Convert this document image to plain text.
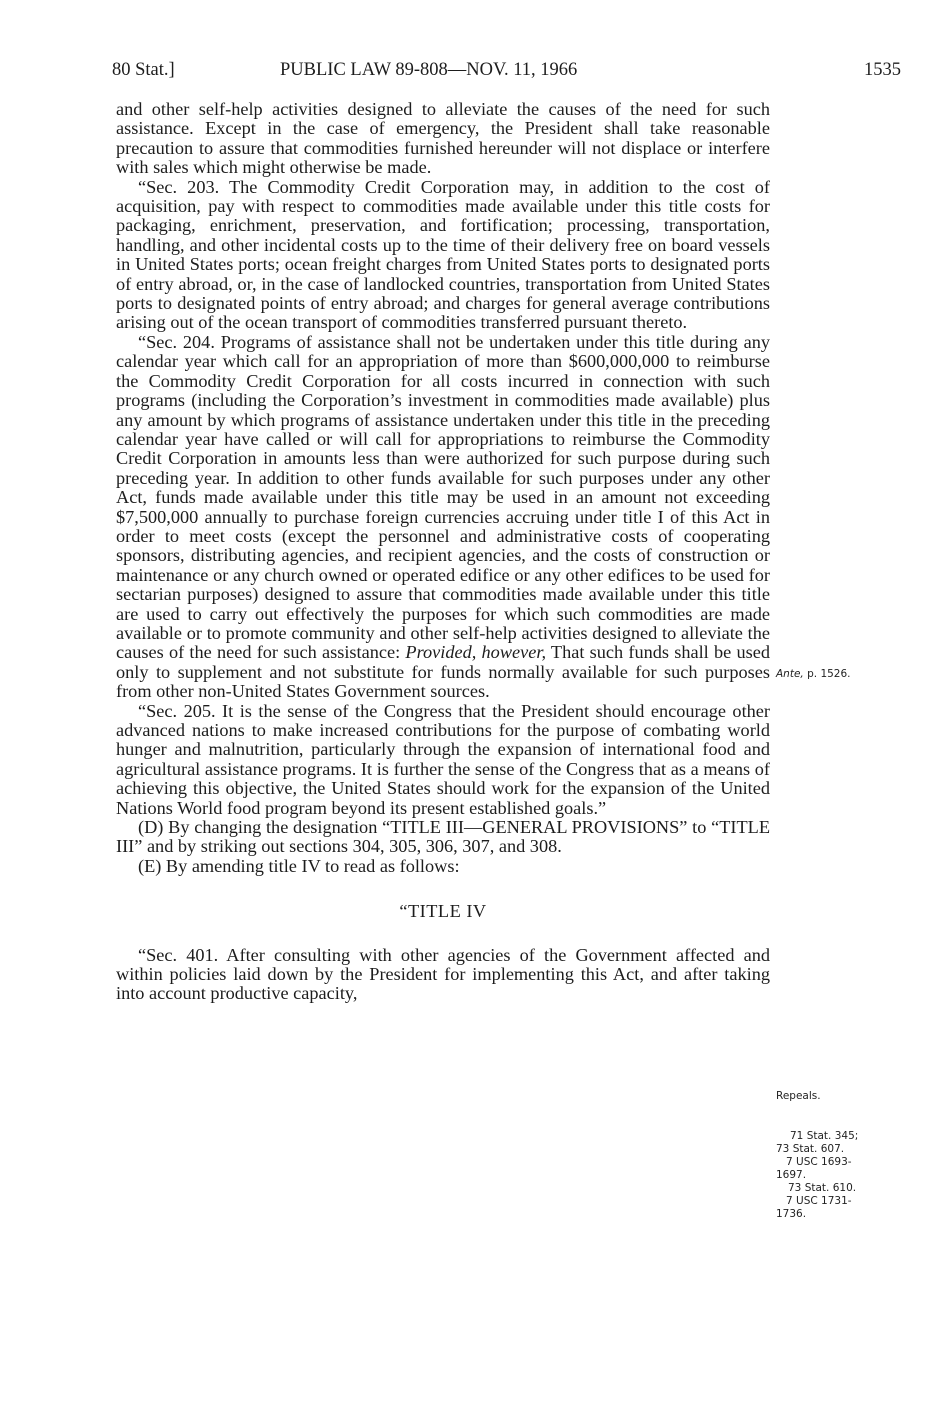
80 Stat.]	PUBLIC LAW 89-808—NOV. 11, 1966	1535

and other self-help activities designed to alleviate the causes of the need for such assistance. Except in the case of emergency, the President shall take reasonable precaution to assure that commodities furnished hereunder will not displace or interfere with sales which might otherwise be made.

“Sec. 203. The Commodity Credit Corporation may, in addition to the cost of acquisition, pay with respect to commodities made available under this title costs for packaging, enrichment, preservation, and fortification; processing, transportation, handling, and other incidental costs up to the time of their delivery free on board vessels in United States ports; ocean freight charges from United States ports to designated ports of entry abroad, or, in the case of landlocked countries, transportation from United States ports to designated points of entry abroad; and charges for general average contributions arising out of the ocean transport of commodities transferred pursuant thereto.

“Sec. 204. Programs of assistance shall not be undertaken under this title during any calendar year which call for an appropriation of more than $600,000,000 to reimburse the Commodity Credit Corporation for all costs incurred in connection with such programs (including the Corporation’s investment in commodities made available) plus any amount by which programs of assistance undertaken under this title in the preceding calendar year have called or will call for appropriations to reimburse the Commodity Credit Corporation in amounts less than were authorized for such purpose during such preceding year. In addition to other funds available for such purposes under any other Act, funds made available under this title may be used in an amount not exceeding $7,500,000 annually to purchase foreign currencies accruing under title I of this Act in order to meet costs (except the personnel and administrative costs of cooperating sponsors, distributing agencies, and recipient agencies, and the costs of construction or maintenance or any church owned or operated edifice or any other edifices to be used for sectarian purposes) designed to assure that commodities made available under this title are used to carry out effectively the purposes for which such commodities are made available or to promote community and other self-help activities designed to alleviate the causes of the need for such assistance: Provided, however, That such funds shall be used only to supplement and not substitute for funds normally available for such purposes from other non-United States Government sources.

“Sec. 205. It is the sense of the Congress that the President should encourage other advanced nations to make increased contributions for the purpose of combating world hunger and malnutrition, particularly through the expansion of international food and agricultural assistance programs. It is further the sense of the Congress that as a means of achieving this objective, the United States should work for the expansion of the United Nations World food program beyond its present established goals.”

(D) By changing the designation “TITLE III—GENERAL PROVISIONS” to “TITLE III” and by striking out sections 304, 305, 306, 307, and 308.

(E) By amending title IV to read as follows:

“TITLE IV

“Sec. 401. After consulting with other agencies of the Government affected and within policies laid down by the President for implementing this Act, and after taking into account productive capacity,

Ante, p. 1526.
Repeals.
71 Stat. 345;
73 Stat. 607.
7 USC 1693-
1697.
73 Stat. 610.
7 USC 1731-
1736.
